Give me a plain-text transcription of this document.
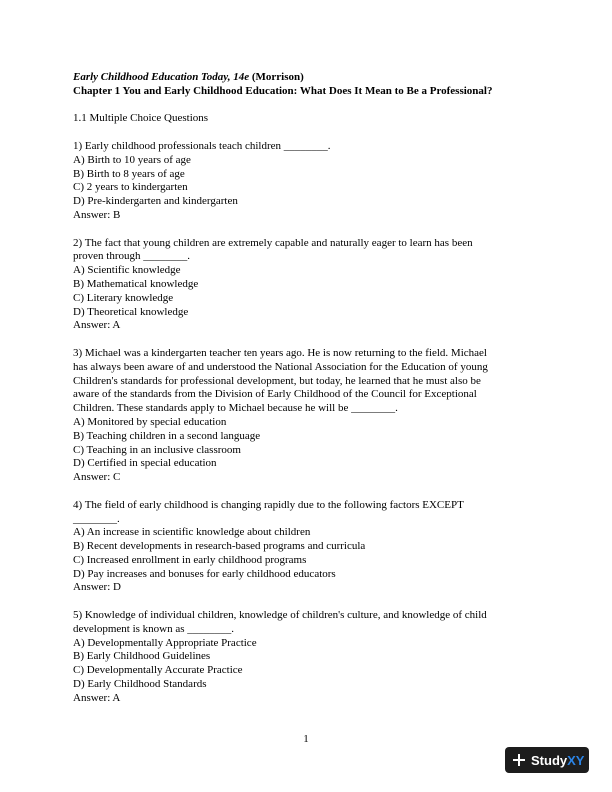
Early Childhood Education Today, 14e (Morrison)

Chapter 1 You and Early Childhood Education: What Does It Mean to Be a Professional?

1.1 Multiple Choice Questions

1) Early childhood professionals teach children ________.

A) Birth to 10 years of age

B) Birth to 8 years of age

C) 2 years to kindergarten

D) Pre-kindergarten and kindergarten

Answer: B

2) The fact that young children are extremely capable and naturally eager to learn has been

proven through ________.

A) Scientific knowledge

B) Mathematical knowledge

C) Literary knowledge

D) Theoretical knowledge

Answer: A

3) Michael was a kindergarten teacher ten years ago. He is now returning to the field. Michael

has always been aware of and understood the National Association for the Education of young

Children's standards for professional development, but today, he learned that he must also be

aware of the standards from the Division of Early Childhood of the Council for Exceptional

Children. These standards apply to Michael because he will be ________.

A) Monitored by special education

B) Teaching children in a second language

C) Teaching in an inclusive classroom

D) Certified in special education

Answer: C

4) The field of early childhood is changing rapidly due to the following factors EXCEPT

________.

A) An increase in scientific knowledge about children

B) Recent developments in research-based programs and curricula

C) Increased enrollment in early childhood programs

D) Pay increases and bonuses for early childhood educators

Answer: D

5) Knowledge of individual children, knowledge of children's culture, and knowledge of child

development is known as ________.

A) Developmentally Appropriate Practice

B) Early Childhood Guidelines

C) Developmentally Accurate Practice

D) Early Childhood Standards

Answer: A

1
Study XY
